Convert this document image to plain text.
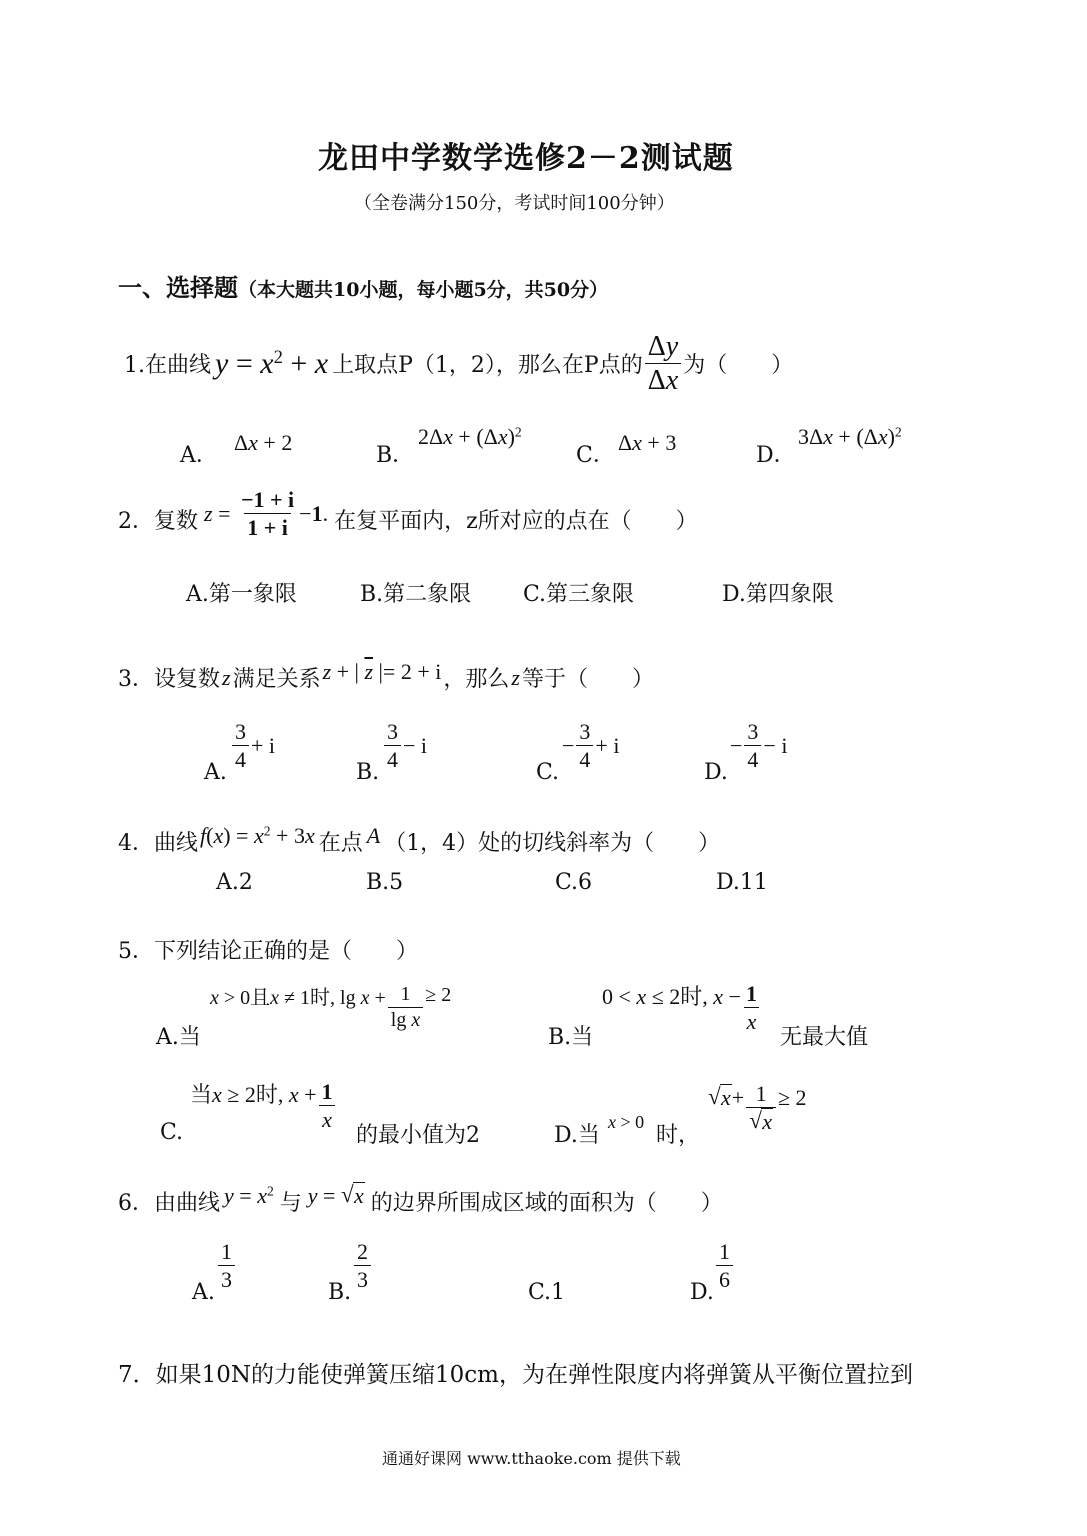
龙田中学数学选修2－2测试题
（全卷满分150分，考试时间100分钟）
一、选择题（本大题共10小题，每小题5分，共50分）
1.在曲线 $y = x^2 + x$ 上取点P（1，2），那么在P点的 $\frac{\Delta y}{\Delta x}$ 为（　　）
A．
Δx + 2
B．
$2\Delta x + (\Delta x)^2$
C．
Δx + 3
D．
$3\Delta x + (\Delta x)^2$
2．复数 $z = \frac{-1 + i}{1 + i} - 1$ . 在复平面内，z所对应的点在（　　）
A.第一象限	B.第二象限 C.第三象限	D.第四象限
3．设复数 z 满足关系 z + | $\overline{z}$ |= 2 + i ，那么 z 等于（　　）
A.
$\frac{3}{4} + i$
B.
$\frac{3}{4} - i$
C.
− $\frac{3}{4} + i$
D.
− $\frac{3}{4} - i$
4．曲线 $f(x) = x^2 + 3x$ 在点 A （1，4）处的切线斜率为（　　）
A.2	B.5	C.6	D.11
5．下列结论正确的是（　　）
A.当
x > 0且x ≠ 1时, $\lg x + \frac{1}{\text{lg x}} \ge 2$
B.当
0 < x ≤ 2时, $x - \frac{1}{x}$
无最大值
C.
当x ≥ 2时, $x + \frac{1}{x}$
的最小值为2	D.当
x > 0
时，
√ x + 1
√ x ≥ 2
6．由曲线 $y = x^2$
与 y = √ x 的边界所围成区域的面积为（　　）
A.
$\frac{1}{3}$
B.
$\frac{2}{3}$
C.1	D.
$\frac{1}{6}$
7．如果10N的力能使弹簧压缩10cm，为在弹性限度内将弹簧从平衡位置拉到
通通好课网 www.tthaoke.com 提供下载
